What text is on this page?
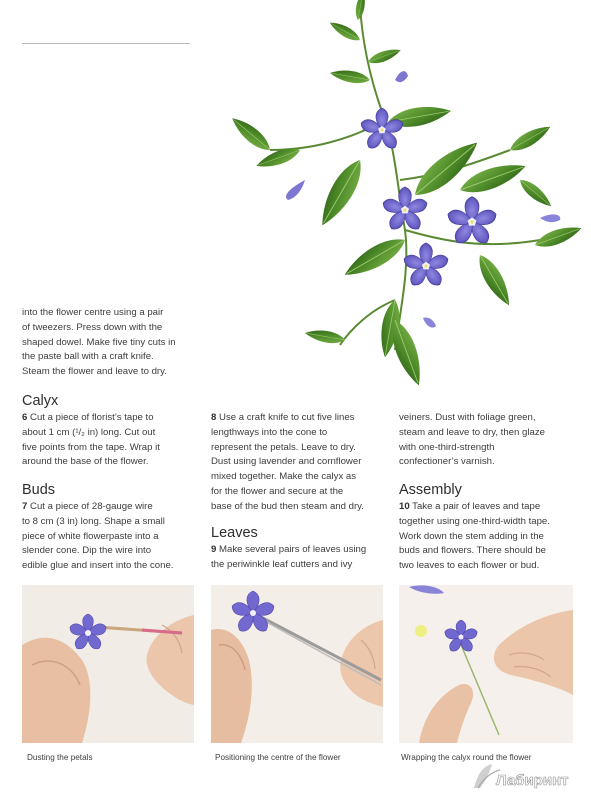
into the flower centre using a pair
of tweezers. Press down with the
shaped dowel. Make five tiny cuts in
the paste ball with a craft knife.
Steam the flower and leave to dry.
Calyx
6 Cut a piece of florist’s tape to
about 1 cm (¹/₂ in) long. Cut out
five points from the tape. Wrap it
around the base of the flower.
Buds
7 Cut a piece of 28-gauge wire
to 8 cm (3 in) long. Shape a small
piece of white flowerpaste into a
slender cone. Dip the wire into
edible glue and insert into the cone.
8 Use a craft knife to cut five lines
lengthways into the cone to
represent the petals. Leave to dry.
Dust using lavender and cornflower
mixed together. Make the calyx as
for the flower and secure at the
base of the bud then steam and dry.
Leaves
9 Make several pairs of leaves using
the periwinkle leaf cutters and ivy
veiners. Dust with foliage green,
steam and leave to dry, then glaze
with one-third-strength
confectioner’s varnish.
Assembly
10 Take a pair of leaves and tape
together using one-third-width tape.
Work down the stem adding in the
buds and flowers. There should be
two leaves to each flower or bud.
Dusting the petals	Positioning the centre of the flower	Wrapping the calyx round the flower
Лабиринт
